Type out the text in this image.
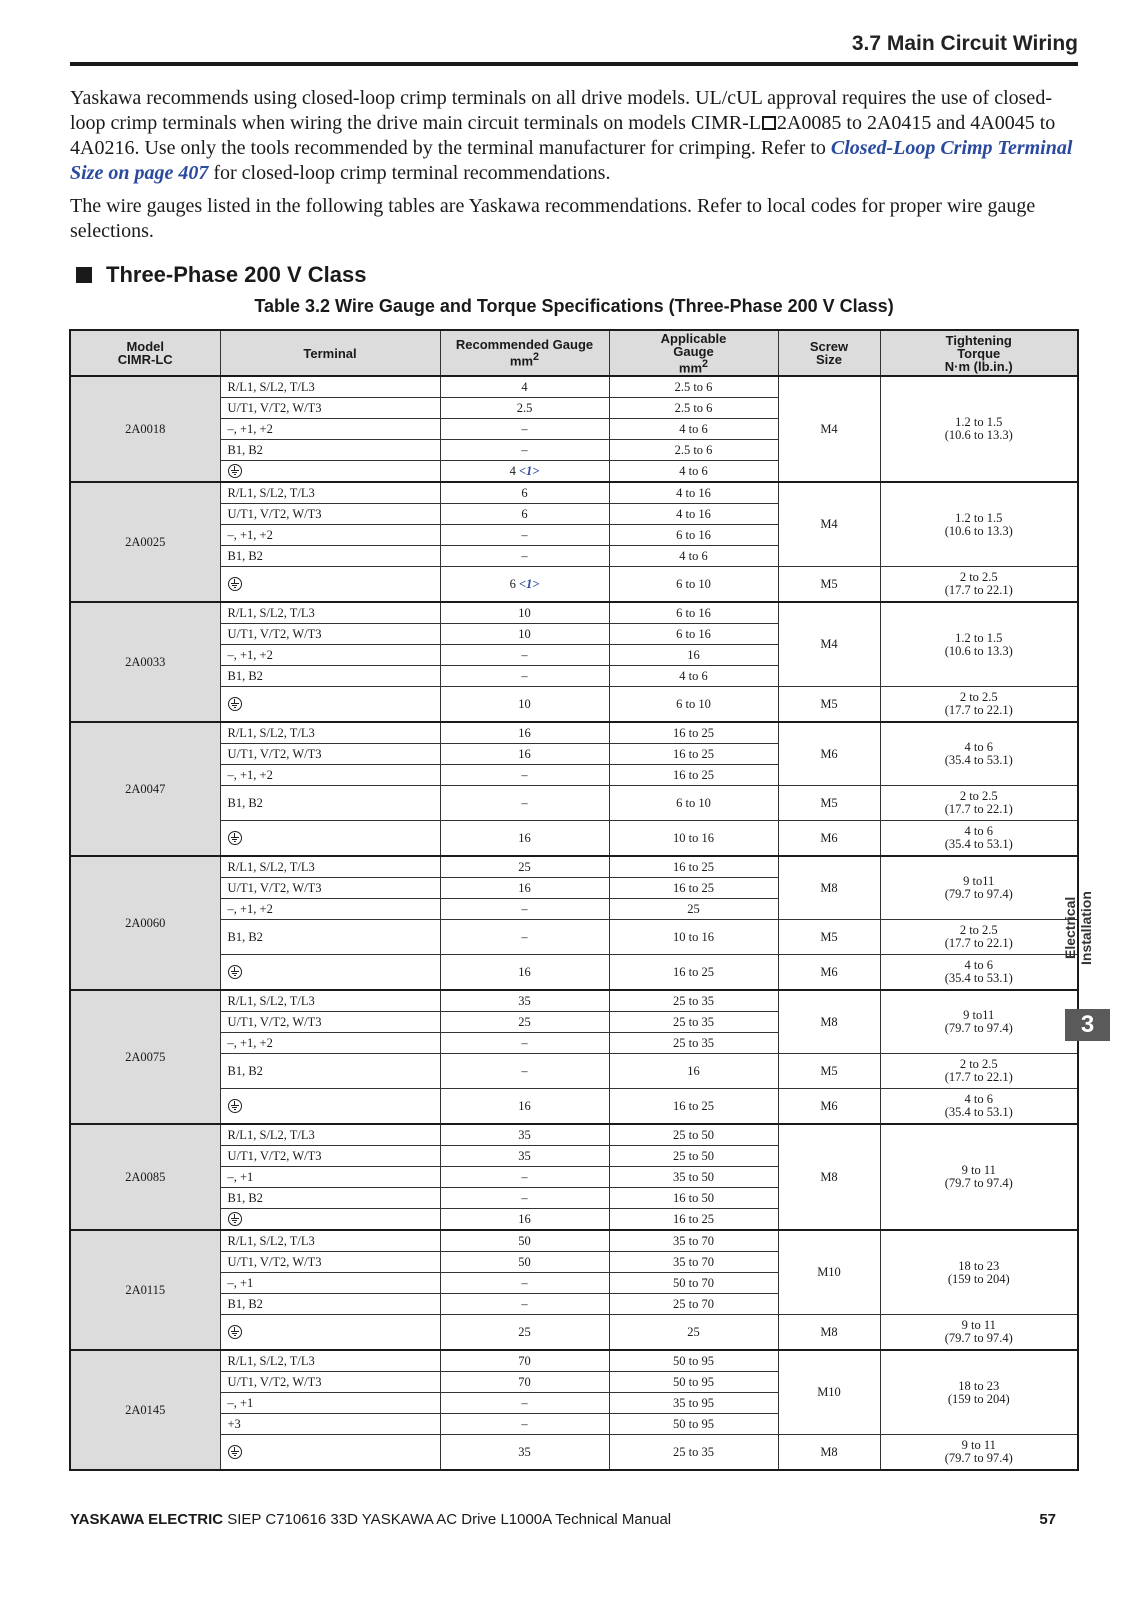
3.7 Main Circuit Wiring

Yaskawa recommends using closed-loop crimp terminals on all drive models. UL/cUL approval requires the use of closed-loop crimp terminals when wiring the drive main circuit terminals on models CIMR-L 2A0085 to 2A0415 and 4A0045 to 4A0216. Use only the tools recommended by the terminal manufacturer for crimping. Refer to Closed-Loop Crimp Terminal Size on page 407 for closed-loop crimp terminal recommendations.

The wire gauges listed in the following tables are Yaskawa recommendations. Refer to local codes for proper wire gauge selections.

Three-Phase 200 V Class
Table 3.2 Wire Gauge and Torque Specifications (Three-Phase 200 V Class)
Model
CIMR-LC	Terminal	Recommended Gauge
$mm^2$	Applicable
Gauge
$mm^2$	Screw
Size	Tightening
Torque
N·m (lb.in.)
2A0018	R/L1, S/L2, T/L3	4	2.5 to 6	M4	1.2 to 1.5
(10.6 to 13.3)
	U/T1, V/T2, W/T3	2.5	2.5 to 6		
	–, +1, +2	–	4 to 6		
	B1, B2	–	2.5 to 6		
		4 <1>	4 to 6		
2A0025	R/L1, S/L2, T/L3	6	4 to 16	M4	1.2 to 1.5
(10.6 to 13.3)
	U/T1, V/T2, W/T3	6	4 to 16		
	–, +1, +2	–	6 to 16		
	B1, B2	–	4 to 6		
		6 <1>	6 to 10	M5	2 to 2.5
(17.7 to 22.1)
2A0033	R/L1, S/L2, T/L3	10	6 to 16	M4	1.2 to 1.5
(10.6 to 13.3)
	U/T1, V/T2, W/T3	10	6 to 16		
	–, +1, +2	–	16		
	B1, B2	–	4 to 6		
		10	6 to 10	M5	2 to 2.5
(17.7 to 22.1)
2A0047	R/L1, S/L2, T/L3	16	16 to 25	M6	4 to 6
(35.4 to 53.1)
	U/T1, V/T2, W/T3	16	16 to 25		
	–, +1, +2	–	16 to 25		
	B1, B2	–	6 to 10	M5	2 to 2.5
(17.7 to 22.1)
		16	10 to 16	M6	4 to 6
(35.4 to 53.1)
2A0060	R/L1, S/L2, T/L3	25	16 to 25	M8	9 to11
(79.7 to 97.4)
	U/T1, V/T2, W/T3	16	16 to 25		
	–, +1, +2	–	25		
	B1, B2	–	10 to 16	M5	2 to 2.5
(17.7 to 22.1)
		16	16 to 25	M6	4 to 6
(35.4 to 53.1)
2A0075	R/L1, S/L2, T/L3	35	25 to 35	M8	9 to11
(79.7 to 97.4)
	U/T1, V/T2, W/T3	25	25 to 35		
	–, +1, +2	–	25 to 35		
	B1, B2	–	16	M5	2 to 2.5
(17.7 to 22.1)
		16	16 to 25	M6	4 to 6
(35.4 to 53.1)
2A0085	R/L1, S/L2, T/L3	35	25 to 50	M8	9 to 11
(79.7 to 97.4)
	U/T1, V/T2, W/T3	35	25 to 50		
	–, +1	–	35 to 50		
	B1, B2	–	16 to 50		
		16	16 to 25		
2A0115	R/L1, S/L2, T/L3	50	35 to 70	M10	18 to 23
(159 to 204)
	U/T1, V/T2, W/T3	50	35 to 70		
	–, +1	–	50 to 70		
	B1, B2	–	25 to 70		
		25	25	M8	9 to 11
(79.7 to 97.4)
2A0145	R/L1, S/L2, T/L3	70	50 to 95	M10	18 to 23
(159 to 204)
	U/T1, V/T2, W/T3	70	50 to 95		
	–, +1	–	35 to 95		
	+3	–	50 to 95		
		35	25 to 35	M8	9 to 11
(79.7 to 97.4)
Electrical Installation
3
YASKAWA ELECTRIC SIEP C710616 33D YASKAWA AC Drive L1000A Technical Manual	57
